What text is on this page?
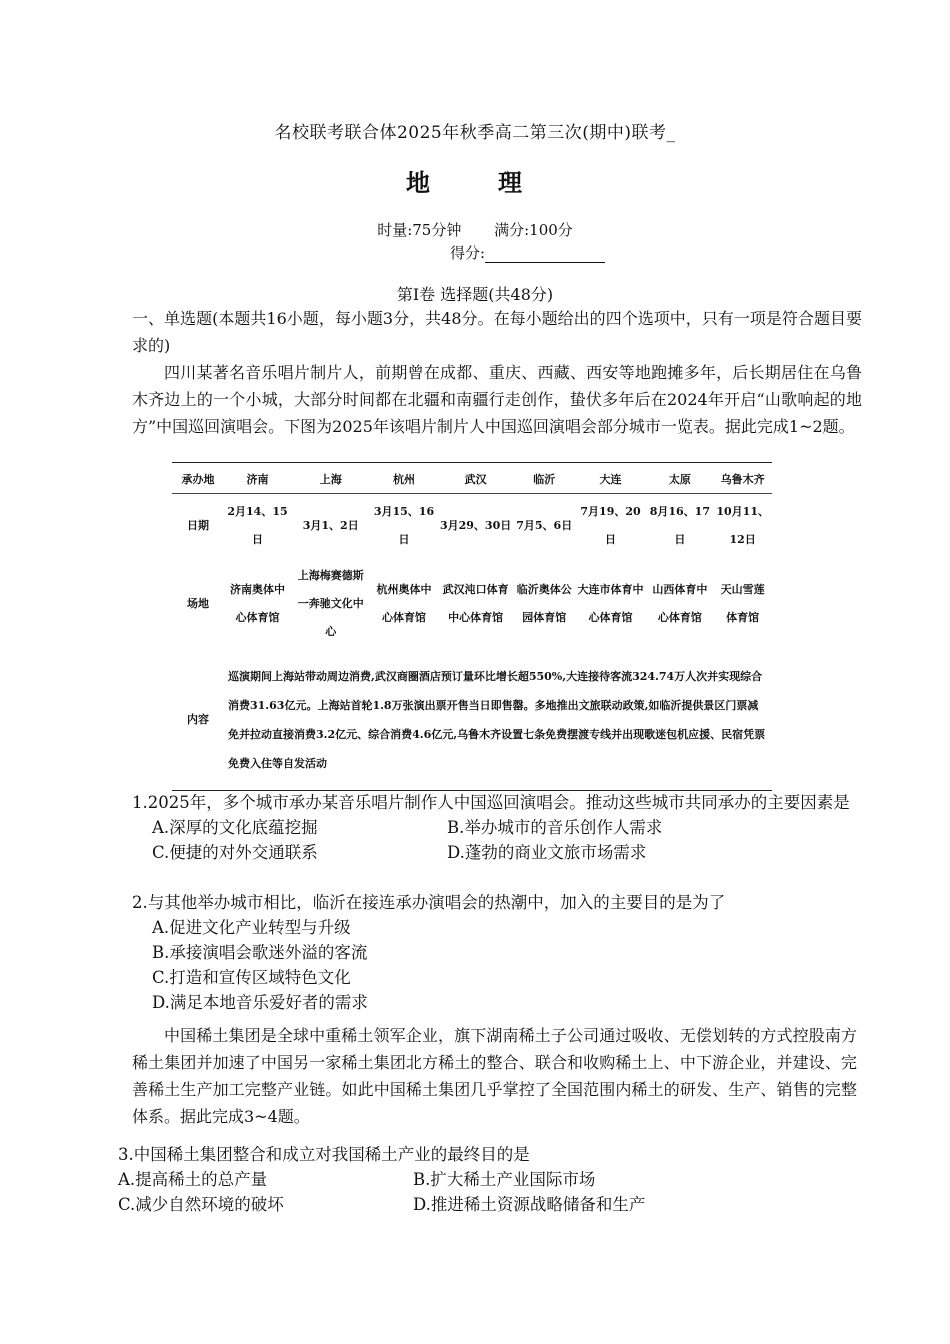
名校联考联合体2025年秋季高二第三次(期中)联考_
地　理
时量:75分钟 满分:100分
得分:
第Ⅰ卷 选择题(共48分)
一、单选题(本题共16小题，每小题3分，共48分。在每小题给出的四个选项中，只有一项是符合题目要求的)
四川某著名音乐唱片制片人，前期曾在成都、重庆、西藏、西安等地跑摊多年，后长期居住在乌鲁木齐边上的一个小城，大部分时间都在北疆和南疆行走创作，蛰伏多年后在2024年开启“山歌响起的地方”中国巡回演唱会。下图为2025年该唱片制片人中国巡回演唱会部分城市一览表。据此完成1~2题。
承办地	济南	上海	杭州	武汉	临沂	大连	太原	乌鲁木齐
日期	2月14、15日	3月1、2日	3月15、16日	3月29、30日	7月5、6日	7月19、20日	8月16、17日	10月11、12日
场地	济南奥体中心体育馆	上海梅赛德斯一奔驰文化中心	杭州奥体中心体育馆	武汉沌口体育中心体育馆	临沂奥体公园体育馆	大连市体育中心体育馆	山西体育中心体育馆	天山雪莲体育馆
内容	巡演期间上海站带动周边消费,武汉商圈酒店预订量环比增长超550%,大连接待客流324.74万人次并实现综合消费31.63亿元。上海站首轮1.8万张演出票开售当日即售罄。多地推出文旅联动政策,如临沂提供景区门票减免并拉动直接消费3.2亿元、综合消费4.6亿元,乌鲁木齐设置七条免费摆渡专线并出现歌迷包机应援、民宿凭票免费入住等自发活动							
1.2025年，多个城市承办某音乐唱片制作人中国巡回演唱会。推动这些城市共同承办的主要因素是
A.深厚的文化底蕴挖掘	B.举办城市的音乐创作人需求
C.便捷的对外交通联系	D.蓬勃的商业文旅市场需求
2.与其他举办城市相比，临沂在接连承办演唱会的热潮中，加入的主要目的是为了
A.促进文化产业转型与升级
B.承接演唱会歌迷外溢的客流
C.打造和宣传区域特色文化
D.满足本地音乐爱好者的需求
中国稀土集团是全球中重稀土领军企业，旗下湖南稀土子公司通过吸收、无偿划转的方式控股南方稀土集团并加速了中国另一家稀土集团北方稀土的整合、联合和收购稀土上、中下游企业，并建设、完善稀土生产加工完整产业链。如此中国稀土集团几乎掌控了全国范围内稀土的研发、生产、销售的完整体系。据此完成3~4题。
3.中国稀土集团整合和成立对我国稀土产业的最终目的是
A.提高稀土的总产量	B.扩大稀土产业国际市场
C.减少自然环境的破坏	D.推进稀土资源战略储备和生产
